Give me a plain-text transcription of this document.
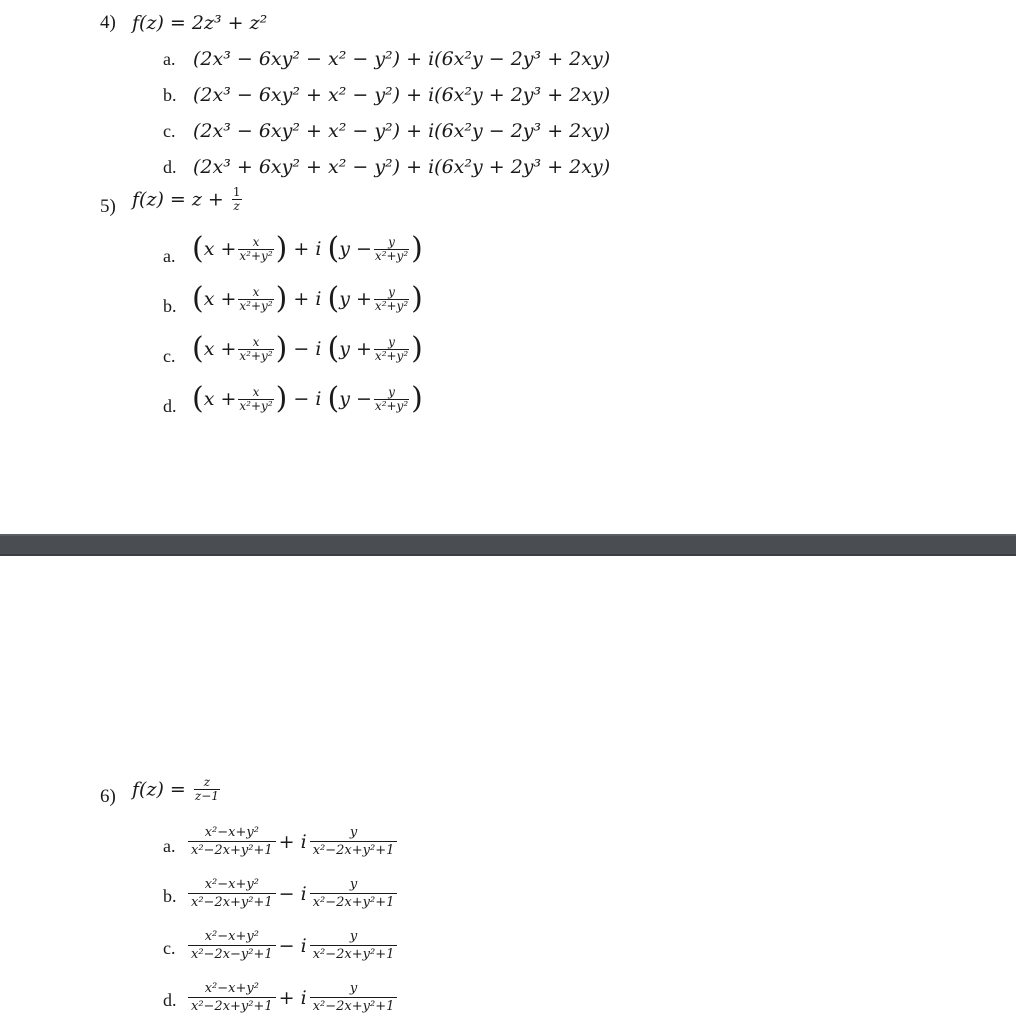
4) f(z) = 2z³ + z²
a. (2x³ − 6xy² − x² − y²) + i(6x²y − 2y³ + 2xy)
b. (2x³ − 6xy² + x² − y²) + i(6x²y + 2y³ + 2xy)
c. (2x³ − 6xy² + x² − y²) + i(6x²y − 2y³ + 2xy)
d. (2x³ + 6xy² + x² − y²) + i(6x²y + 2y³ + 2xy)
5) $f(z) = z + \frac{1}{z}$
a. ($x + \frac{x}{\text{x²+y²}}$ ) + i ($y - \frac{y}{\text{x²+y²}}$ )
b. ($x + \frac{x}{\text{x²+y²}}$ ) + i ($y + \frac{y}{\text{x²+y²}}$ )
c. ($x + \frac{x}{\text{x²+y²}}$ ) − i ($y + \frac{y}{\text{x²+y²}}$ )
d. ($x + \frac{x}{\text{x²+y²}}$ ) − i ($y - \frac{y}{\text{x²+y²}}$ )
6) $f(z) = \frac{z}{z-1}$
a. $\frac{\text{x²−x+y²}}{\text{x²−2x+y²+1}} + i \frac{y}{\text{x²−2x+y²+1}}$
b. $\frac{\text{x²−x+y²}}{\text{x²−2x+y²+1}} - i \frac{y}{\text{x²−2x+y²+1}}$
c. $\frac{\text{x²−x+y²}}{\text{x²−2x−y²+1}} - i \frac{y}{\text{x²−2x+y²+1}}$
d. $\frac{\text{x²−x+y²}}{\text{x²−2x+y²+1}} + i \frac{y}{\text{x²−2x+y²+1}}$
